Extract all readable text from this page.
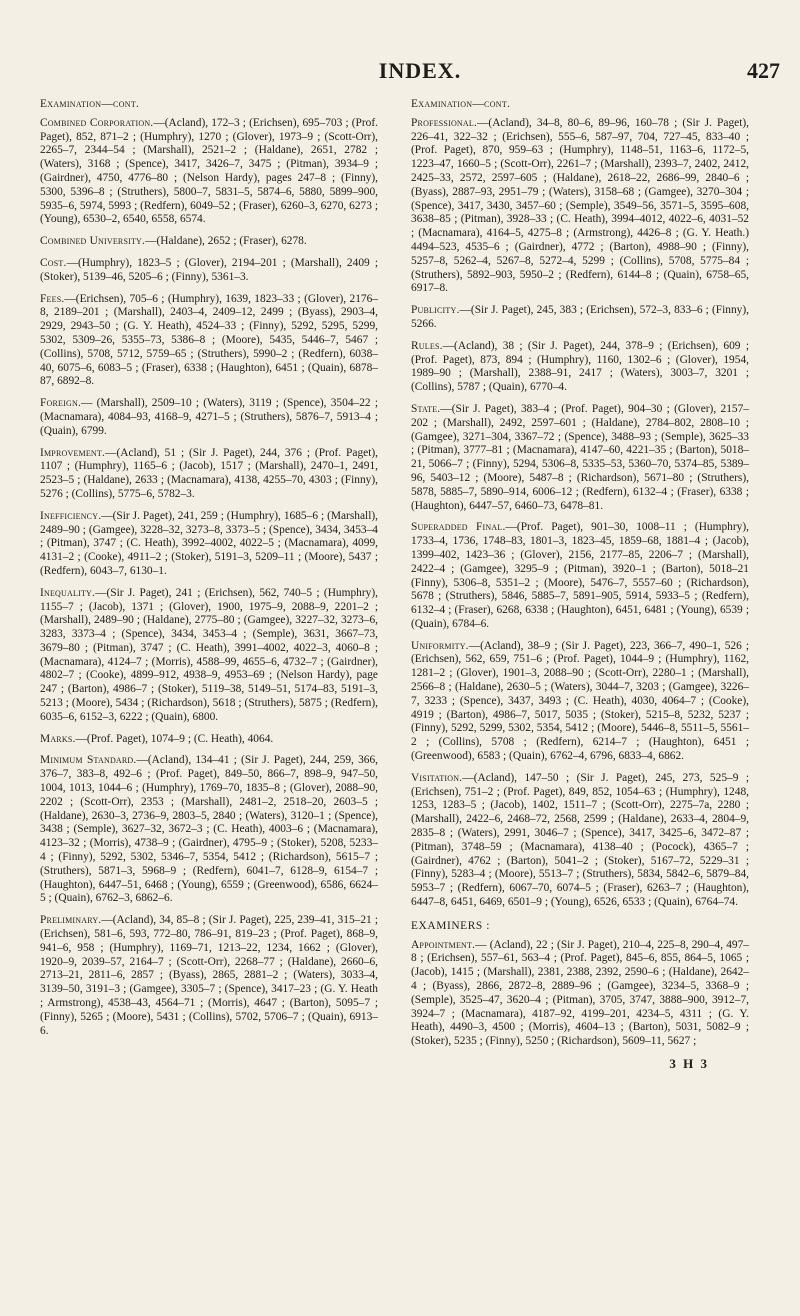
INDEX.	427
Examination—cont.

Combined Corporation.—(Acland), 172–3 ; (Erichsen), 695–703 ; (Prof. Paget), 852, 871–2 ; (Humphry), 1270 ; (Glover), 1973–9 ; (Scott-Orr), 2265–7, 2344–54 ; (Marshall), 2521–2 ; (Haldane), 2651, 2782 ; (Waters), 3168 ; (Spence), 3417, 3426–7, 3475 ; (Pitman), 3934–9 ; (Gairdner), 4750, 4776–80 ; (Nelson Hardy), pages 247–8 ; (Finny), 5300, 5396–8 ; (Struthers), 5800–7, 5831–5, 5874–6, 5880, 5899–900, 5935–6, 5974, 5993 ; (Redfern), 6049–52 ; (Fraser), 6260–3, 6270, 6273 ; (Young), 6530–2, 6540, 6558, 6574.

Combined University.—(Haldane), 2652 ; (Fraser), 6278.

Cost.—(Humphry), 1823–5 ; (Glover), 2194–201 ; (Marshall), 2409 ; (Stoker), 5139–46, 5205–6 ; (Finny), 5361–3.

Fees.—(Erichsen), 705–6 ; (Humphry), 1639, 1823–33 ; (Glover), 2176–8, 2189–201 ; (Marshall), 2403–4, 2409–12, 2499 ; (Byass), 2903–4, 2929, 2943–50 ; (G. Y. Heath), 4524–33 ; (Finny), 5292, 5295, 5299, 5302, 5309–26, 5355–73, 5386–8 ; (Moore), 5435, 5446–7, 5467 ; (Collins), 5708, 5712, 5759–65 ; (Struthers), 5990–2 ; (Redfern), 6038–40, 6075–6, 6083–5 ; (Fraser), 6338 ; (Haughton), 6451 ; (Quain), 6878–87, 6892–8.

Foreign.— (Marshall), 2509–10 ; (Waters), 3119 ; (Spence), 3504–22 ; (Macnamara), 4084–93, 4168–9, 4271–5 ; (Struthers), 5876–7, 5913–4 ; (Quain), 6799.

Improvement.—(Acland), 51 ; (Sir J. Paget), 244, 376 ; (Prof. Paget), 1107 ; (Humphry), 1165–6 ; (Jacob), 1517 ; (Marshall), 2470–1, 2491, 2523–5 ; (Haldane), 2633 ; (Macnamara), 4138, 4255–70, 4303 ; (Finny), 5276 ; (Collins), 5775–6, 5782–3.

Inefficiency.—(Sir J. Paget), 241, 259 ; (Humphry), 1685–6 ; (Marshall), 2489–90 ; (Gamgee), 3228–32, 3273–8, 3373–5 ; (Spence), 3434, 3453–4 ; (Pitman), 3747 ; (C. Heath), 3992–4002, 4022–5 ; (Macnamara), 4099, 4131–2 ; (Cooke), 4911–2 ; (Stoker), 5191–3, 5209–11 ; (Moore), 5437 ; (Redfern), 6043–7, 6130–1.

Inequality.—(Sir J. Paget), 241 ; (Erichsen), 562, 740–5 ; (Humphry), 1155–7 ; (Jacob), 1371 ; (Glover), 1900, 1975–9, 2088–9, 2201–2 ; (Marshall), 2489–90 ; (Haldane), 2775–80 ; (Gamgee), 3227–32, 3273–6, 3283, 3373–4 ; (Spence), 3434, 3453–4 ; (Semple), 3631, 3667–73, 3679–80 ; (Pitman), 3747 ; (C. Heath), 3991–4002, 4022–3, 4060–8 ; (Macnamara), 4124–7 ; (Morris), 4588–99, 4655–6, 4732–7 ; (Gairdner), 4802–7 ; (Cooke), 4899–912, 4938–9, 4953–69 ; (Nelson Hardy), page 247 ; (Barton), 4986–7 ; (Stoker), 5119–38, 5149–51, 5174–83, 5191–3, 5213 ; (Moore), 5434 ; (Richardson), 5618 ; (Struthers), 5875 ; (Redfern), 6035–6, 6152–3, 6222 ; (Quain), 6800.

Marks.—(Prof. Paget), 1074–9 ; (C. Heath), 4064.

Minimum Standard.—(Acland), 134–41 ; (Sir J. Paget), 244, 259, 366, 376–7, 383–8, 492–6 ; (Prof. Paget), 849–50, 866–7, 898–9, 947–50, 1004, 1013, 1044–6 ; (Humphry), 1769–70, 1835–8 ; (Glover), 2088–90, 2202 ; (Scott-Orr), 2353 ; (Marshall), 2481–2, 2518–20, 2603–5 ; (Haldane), 2630–3, 2736–9, 2803–5, 2840 ; (Waters), 3120–1 ; (Spence), 3438 ; (Semple), 3627–32, 3672–3 ; (C. Heath), 4003–6 ; (Macnamara), 4123–32 ; (Morris), 4738–9 ; (Gairdner), 4795–9 ; (Stoker), 5208, 5233–4 ; (Finny), 5292, 5302, 5346–7, 5354, 5412 ; (Richardson), 5615–7 ; (Struthers), 5871–3, 5968–9 ; (Redfern), 6041–7, 6128–9, 6154–7 ; (Haughton), 6447–51, 6468 ; (Young), 6559 ; (Greenwood), 6586, 6624–5 ; (Quain), 6762–3, 6862–6.

Preliminary.—(Acland), 34, 85–8 ; (Sir J. Paget), 225, 239–41, 315–21 ; (Erichsen), 581–6, 593, 772–80, 786–91, 819–23 ; (Prof. Paget), 868–9, 941–6, 958 ; (Humphry), 1169–71, 1213–22, 1234, 1662 ; (Glover), 1920–9, 2039–57, 2164–7 ; (Scott-Orr), 2268–77 ; (Haldane), 2660–6, 2713–21, 2811–6, 2857 ; (Byass), 2865, 2881–2 ; (Waters), 3033–4, 3139–50, 3191–3 ; (Gamgee), 3305–7 ; (Spence), 3417–23 ; (G. Y. Heath ; Armstrong), 4538–43, 4564–71 ; (Morris), 4647 ; (Barton), 5095–7 ; (Finny), 5265 ; (Moore), 5431 ; (Collins), 5702, 5706–7 ; (Quain), 6913–6.

Examination—cont.

Professional.—(Acland), 34–8, 80–6, 89–96, 160–78 ; (Sir J. Paget), 226–41, 322–32 ; (Erichsen), 555–6, 587–97, 704, 727–45, 833–40 ; (Prof. Paget), 870, 959–63 ; (Humphry), 1148–51, 1163–6, 1172–5, 1223–47, 1660–5 ; (Scott-Orr), 2261–7 ; (Marshall), 2393–7, 2402, 2412, 2425–33, 2572, 2597–605 ; (Haldane), 2618–22, 2686–99, 2840–6 ; (Byass), 2887–93, 2951–79 ; (Waters), 3158–68 ; (Gamgee), 3270–304 ; (Spence), 3417, 3430, 3457–60 ; (Semple), 3549–56, 3571–5, 3595–608, 3638–85 ; (Pitman), 3928–33 ; (C. Heath), 3994–4012, 4022–6, 4031–52 ; (Macnamara), 4164–5, 4275–8 ; (Armstrong), 4426–8 ; (G. Y. Heath.) 4494–523, 4535–6 ; (Gairdner), 4772 ; (Barton), 4988–90 ; (Finny), 5257–8, 5262–4, 5267–8, 5272–4, 5299 ; (Collins), 5708, 5775–84 ; (Struthers), 5892–903, 5950–2 ; (Redfern), 6144–8 ; (Quain), 6758–65, 6917–8.

Publicity.—(Sir J. Paget), 245, 383 ; (Erichsen), 572–3, 833–6 ; (Finny), 5266.

Rules.—(Acland), 38 ; (Sir J. Paget), 244, 378–9 ; (Erichsen), 609 ; (Prof. Paget), 873, 894 ; (Humphry), 1160, 1302–6 ; (Glover), 1954, 1989–90 ; (Marshall), 2388–91, 2417 ; (Waters), 3003–7, 3201 ; (Collins), 5787 ; (Quain), 6770–4.

State.—(Sir J. Paget), 383–4 ; (Prof. Paget), 904–30 ; (Glover), 2157–202 ; (Marshall), 2492, 2597–601 ; (Haldane), 2784–802, 2808–10 ; (Gamgee), 3271–304, 3367–72 ; (Spence), 3488–93 ; (Semple), 3625–33 ; (Pitman), 3777–81 ; (Macnamara), 4147–60, 4221–35 ; (Barton), 5018–21, 5066–7 ; (Finny), 5294, 5306–8, 5335–53, 5360–70, 5374–85, 5389–96, 5403–12 ; (Moore), 5487–8 ; (Richardson), 5671–80 ; (Struthers), 5878, 5885–7, 5890–914, 6006–12 ; (Redfern), 6132–4 ; (Fraser), 6338 ; (Haughton), 6447–57, 6460–73, 6478–81.

Superadded Final.—(Prof. Paget), 901–30, 1008–11 ; (Humphry), 1733–4, 1736, 1748–83, 1801–3, 1823–45, 1859–68, 1881–4 ; (Jacob), 1399–402, 1423–36 ; (Glover), 2156, 2177–85, 2206–7 ; (Marshall), 2422–4 ; (Gamgee), 3295–9 ; (Pitman), 3920–1 ; (Barton), 5018–21 (Finny), 5306–8, 5351–2 ; (Moore), 5476–7, 5557–60 ; (Richardson), 5678 ; (Struthers), 5846, 5885–7, 5891–905, 5914, 5933–5 ; (Redfern), 6132–4 ; (Fraser), 6268, 6338 ; (Haughton), 6451, 6481 ; (Young), 6539 ; (Quain), 6784–6.

Uniformity.—(Acland), 38–9 ; (Sir J. Paget), 223, 366–7, 490–1, 526 ; (Erichsen), 562, 659, 751–6 ; (Prof. Paget), 1044–9 ; (Humphry), 1162, 1281–2 ; (Glover), 1901–3, 2088–90 ; (Scott-Orr), 2280–1 ; (Marshall), 2566–8 ; (Haldane), 2630–5 ; (Waters), 3044–7, 3203 ; (Gamgee), 3226–7, 3233 ; (Spence), 3437, 3493 ; (C. Heath), 4030, 4064–7 ; (Cooke), 4919 ; (Barton), 4986–7, 5017, 5035 ; (Stoker), 5215–8, 5232, 5237 ; (Finny), 5292, 5299, 5302, 5354, 5412 ; (Moore), 5446–8, 5511–5, 5561–2 ; (Collins), 5708 ; (Redfern), 6214–7 ; (Haughton), 6451 ; (Greenwood), 6583 ; (Quain), 6762–4, 6796, 6833–4, 6862.

Visitation.—(Acland), 147–50 ; (Sir J. Paget), 245, 273, 525–9 ; (Erichsen), 751–2 ; (Prof. Paget), 849, 852, 1054–63 ; (Humphry), 1248, 1253, 1283–5 ; (Jacob), 1402, 1511–7 ; (Scott-Orr), 2275–7a, 2280 ; (Marshall), 2422–6, 2468–72, 2568, 2599 ; (Haldane), 2633–4, 2804–9, 2835–8 ; (Waters), 2991, 3046–7 ; (Spence), 3417, 3425–6, 3472–87 ; (Pitman), 3748–59 ; (Macnamara), 4138–40 ; (Pocock), 4365–7 ; (Gairdner), 4762 ; (Barton), 5041–2 ; (Stoker), 5167–72, 5229–31 ; (Finny), 5283–4 ; (Moore), 5513–7 ; (Struthers), 5834, 5842–6, 5879–84, 5953–7 ; (Redfern), 6067–70, 6074–5 ; (Fraser), 6263–7 ; (Haughton), 6447–8, 6451, 6469, 6501–9 ; (Young), 6526, 6533 ; (Quain), 6764–74.

EXAMINERS :

Appointment.— (Acland), 22 ; (Sir J. Paget), 210–4, 225–8, 290–4, 497–8 ; (Erichsen), 557–61, 563–4 ; (Prof. Paget), 845–6, 855, 864–5, 1065 ; (Jacob), 1415 ; (Marshall), 2381, 2388, 2392, 2590–6 ; (Haldane), 2642–4 ; (Byass), 2866, 2872–8, 2889–96 ; (Gamgee), 3234–5, 3368–9 ; (Semple), 3525–47, 3620–4 ; (Pitman), 3705, 3747, 3888–900, 3912–7, 3924–7 ; (Macnamara), 4187–92, 4199–201, 4234–5, 4311 ; (G. Y. Heath), 4490–3, 4500 ; (Morris), 4604–13 ; (Barton), 5031, 5082–9 ; (Stoker), 5235 ; (Finny), 5250 ; (Richardson), 5609–11, 5627 ;

3 H 3
